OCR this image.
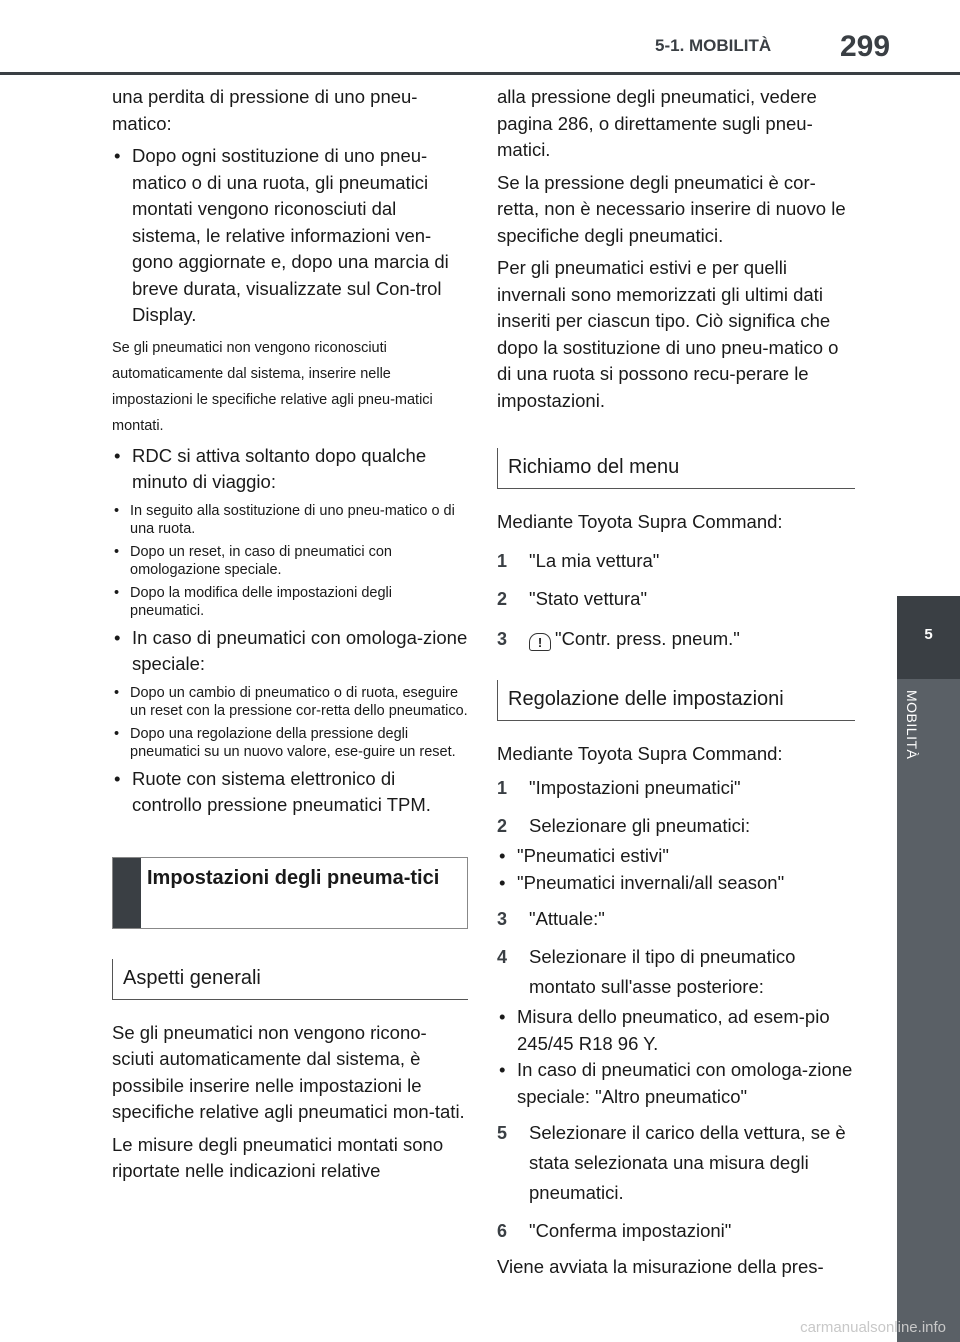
5-1. MOBILITÀ 299
5
MOBILITÀ

una perdita di pressione di uno pneu-matico:

• Dopo ogni sostituzione di uno pneu-matico o di una ruota, gli pneumatici montati vengono riconosciuti dal sistema, le relative informazioni ven-gono aggiornate e, dopo una marcia di breve durata, visualizzate sul Con-trol Display.

Se gli pneumatici non vengono riconosciuti automaticamente dal sistema, inserire nelle impostazioni le specifiche relative agli pneu-matici montati.

• RDC si attiva soltanto dopo qualche minuto di viaggio:

• In seguito alla sostituzione di uno pneu-matico o di una ruota.

• Dopo un reset, in caso di pneumatici con omologazione speciale.

• Dopo la modifica delle impostazioni degli pneumatici.

• In caso di pneumatici con omologa-zione speciale:

• Dopo un cambio di pneumatico o di ruota, eseguire un reset con la pressione cor-retta dello pneumatico.

• Dopo una regolazione della pressione degli pneumatici su un nuovo valore, ese-guire un reset.

• Ruote con sistema elettronico di controllo pressione pneumatici TPM.

Impostazioni degli pneuma-tici
Aspetti generali

Se gli pneumatici non vengono ricono-sciuti automaticamente dal sistema, è possibile inserire nelle impostazioni le specifiche relative agli pneumatici mon-tati.

Le misure degli pneumatici montati sono riportate nelle indicazioni relative

alla pressione degli pneumatici, vedere pagina 286, o direttamente sugli pneu-matici.

Se la pressione degli pneumatici è cor-retta, non è necessario inserire di nuovo le specifiche degli pneumatici.

Per gli pneumatici estivi e per quelli invernali sono memorizzati gli ultimi dati inseriti per ciascun tipo. Ciò significa che dopo la sostituzione di uno pneu-matico o di una ruota si possono recu-perare le impostazioni.

Richiamo del menu

Mediante Toyota Supra Command:

1 "La mia vettura"
2 "Stato vettura"
3 ! "Contr. press. pneum."
Regolazione delle impostazioni

Mediante Toyota Supra Command:

1 "Impostazioni pneumatici"
2 Selezionare gli pneumatici:

• "Pneumatici estivi"

• "Pneumatici invernali/all season"

3 "Attuale:"
4 Selezionare il tipo di pneumatico montato sull'asse posteriore:

• Misura dello pneumatico, ad esem-pio 245/45 R18 96 Y.

• In caso di pneumatici con omologa-zione speciale: "Altro pneumatico"

5 Selezionare il carico della vettura, se è stata selezionata una misura degli pneumatici.
6 "Conferma impostazioni"

Viene avviata la misurazione della pres-

carmanualsonline.info
